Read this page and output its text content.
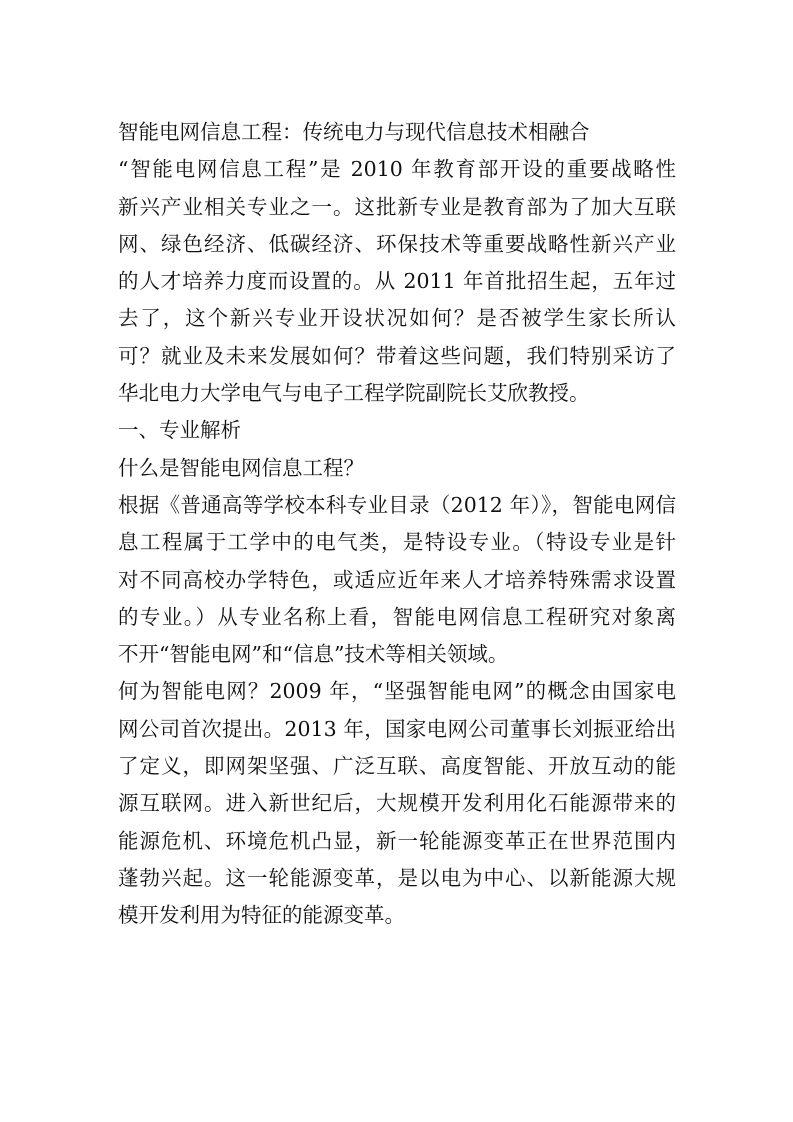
智能电网信息工程：传统电力与现代信息技术相融合
“智能电网信息工程”是 2010 年教育部开设的重要战略性
新兴产业相关专业之一。这批新专业是教育部为了加大互联
网、绿色经济、低碳经济、环保技术等重要战略性新兴产业
的人才培养力度而设置的。从 2011 年首批招生起，五年过
去了，这个新兴专业开设状况如何？是否被学生家长所认
可？就业及未来发展如何？带着这些问题，我们特别采访了
华北电力大学电气与电子工程学院副院长艾欣教授。
一、专业解析
什么是智能电网信息工程？
根据《普通高等学校本科专业目录（2012 年）》，智能电网信
息工程属于工学中的电气类，是特设专业。（特设专业是针
对不同高校办学特色，或适应近年来人才培养特殊需求设置
的专业。）从专业名称上看，智能电网信息工程研究对象离
不开“智能电网”和“信息”技术等相关领域。
何为智能电网？2009 年，“坚强智能电网”的概念由国家电
网公司首次提出。2013 年，国家电网公司董事长刘振亚给出
了定义，即网架坚强、广泛互联、高度智能、开放互动的能
源互联网。进入新世纪后，大规模开发利用化石能源带来的
能源危机、环境危机凸显，新一轮能源变革正在世界范围内
蓬勃兴起。这一轮能源变革，是以电为中心、以新能源大规
模开发利用为特征的能源变革。
